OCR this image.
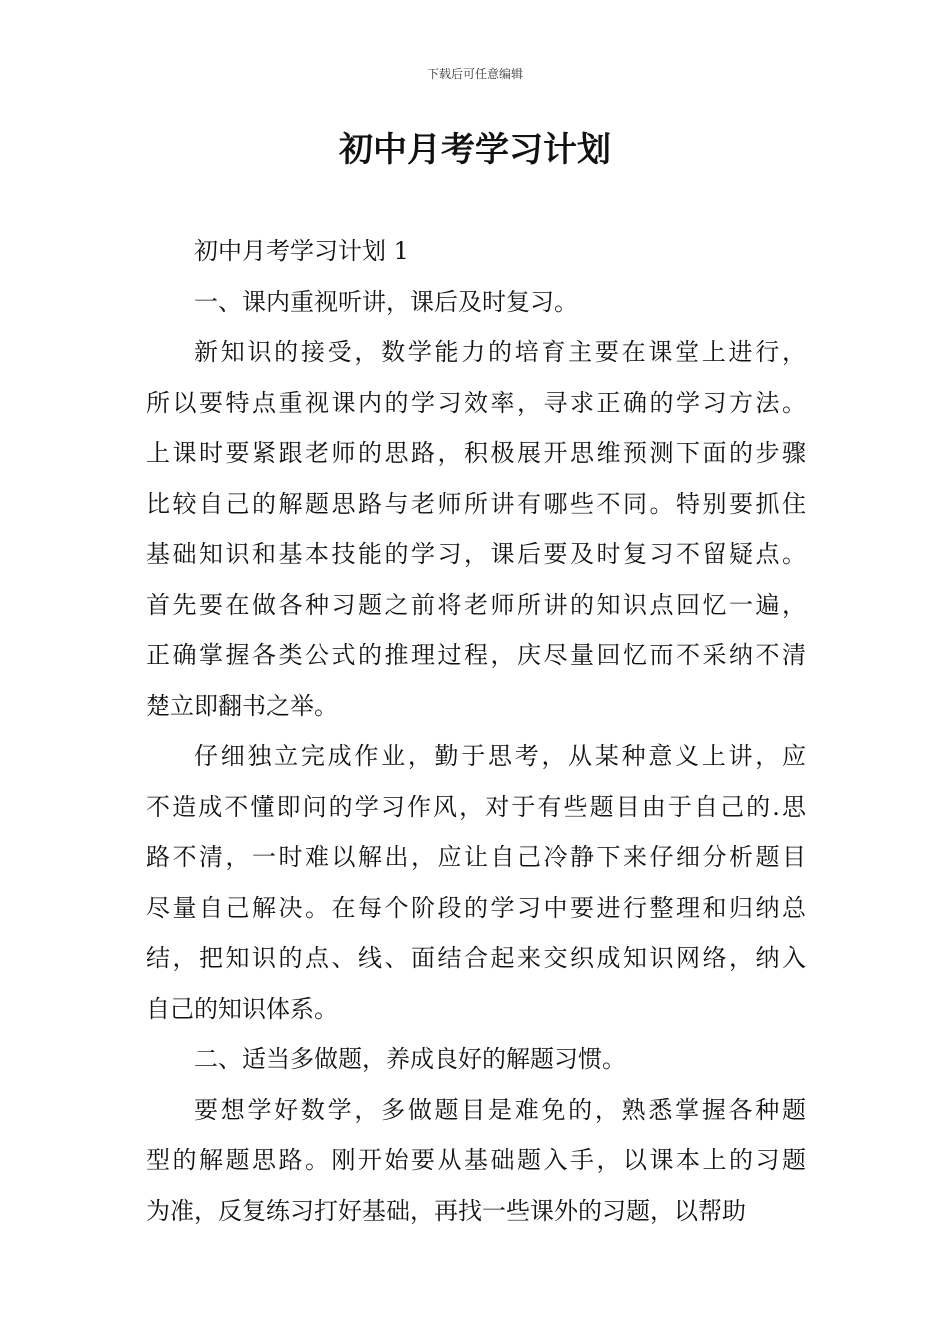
下载后可任意编辑
初中月考学习计划

初中月考学习计划 1

一、课内重视听讲，课后及时复习。

新知识的接受，数学能力的培育主要在课堂上进行，
所以要特点重视课内的学习效率，寻求正确的学习方法。
上课时要紧跟老师的思路，积极展开思维预测下面的步骤
比较自己的解题思路与老师所讲有哪些不同。特别要抓住
基础知识和基本技能的学习，课后要及时复习不留疑点。
首先要在做各种习题之前将老师所讲的知识点回忆一遍，
正确掌握各类公式的推理过程，庆尽量回忆而不采纳不清
楚立即翻书之举。

仔细独立完成作业，勤于思考，从某种意义上讲，应
不造成不懂即问的学习作风，对于有些题目由于自己的.思
路不清，一时难以解出，应让自己冷静下来仔细分析题目
尽量自己解决。在每个阶段的学习中要进行整理和归纳总
结，把知识的点、线、面结合起来交织成知识网络，纳入
自己的知识体系。

二、适当多做题，养成良好的解题习惯。

要想学好数学，多做题目是难免的，熟悉掌握各种题
型的解题思路。刚开始要从基础题入手，以课本上的习题
为准，反复练习打好基础，再找一些课外的习题，以帮助
